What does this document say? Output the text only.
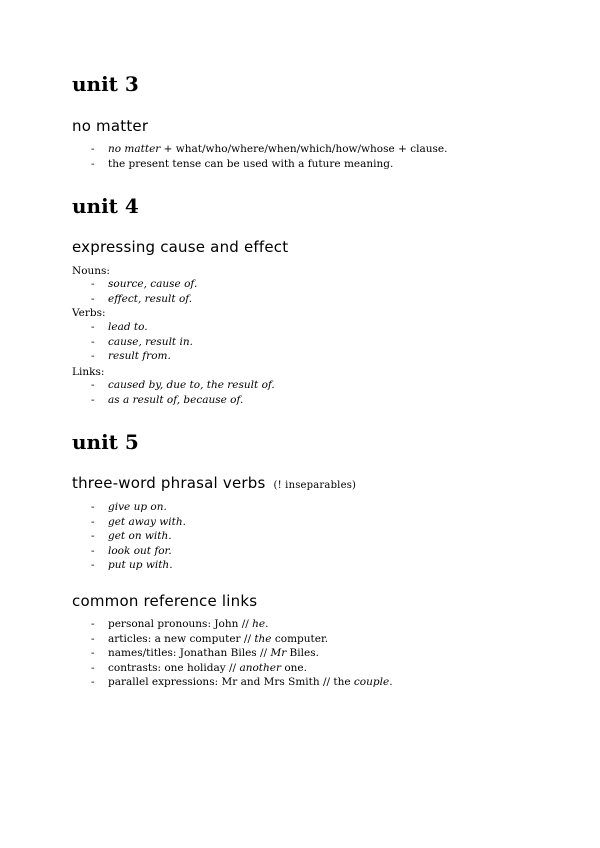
unit 3
no matter
- no matter + what/who/where/when/which/how/whose + clause.
- the present tense can be used with a future meaning.
unit 4
expressing cause and effect

Nouns:

- source, cause of.
- effect, result of.

Verbs:

- lead to.
- cause, result in.
- result from.

Links:

- caused by, due to, the result of.
- as a result of, because of.
unit 5
three-word phrasal verbs (! inseparables)
- give up on.
- get away with.
- get on with.
- look out for.
- put up with.
common reference links
- personal pronouns: John // he.
- articles: a new computer // the computer.
- names/titles: Jonathan Biles // Mr Biles.
- contrasts: one holiday // another one.
- parallel expressions: Mr and Mrs Smith // the couple.
